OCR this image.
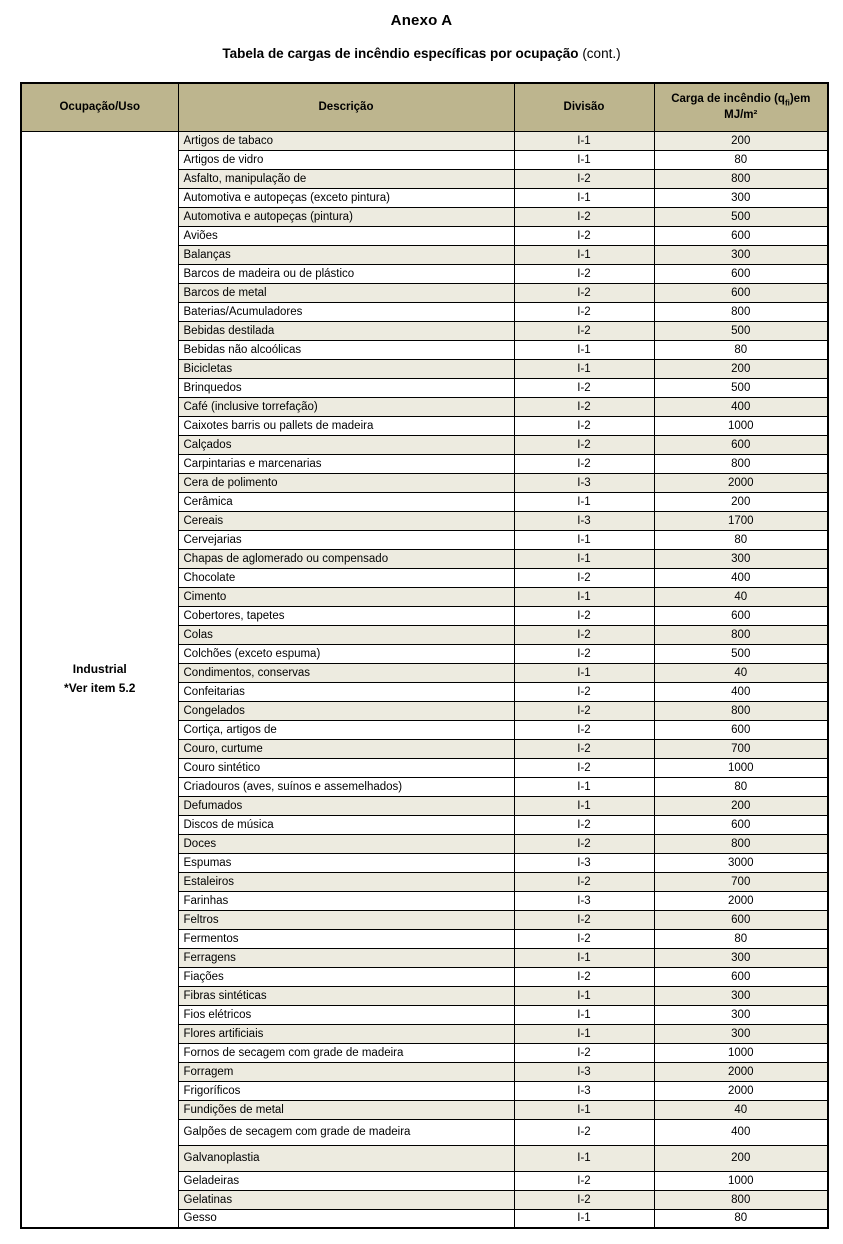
Anexo A
Tabela de cargas de incêndio específicas por ocupação (cont.)
Ocupação/Uso	Descrição	Divisão	Carga de incêndio $(q_{fi})em$
MJ/m²

Industrial
*Ver item 5.2	Artigos de tabaco	I-1	200
	Artigos de vidro	I-1	80
	Asfalto, manipulação de	I-2	800
	Automotiva e autopeças (exceto pintura)	I-1	300
	Automotiva e autopeças (pintura)	I-2	500
	Aviões	I-2	600
	Balanças	I-1	300
	Barcos de madeira ou de plástico	I-2	600
	Barcos de metal	I-2	600
	Baterias/Acumuladores	I-2	800
	Bebidas destilada	I-2	500
	Bebidas não alcoólicas	I-1	80
	Bicicletas	I-1	200
	Brinquedos	I-2	500
	Café (inclusive torrefação)	I-2	400
	Caixotes barris ou pallets de madeira	I-2	1000
	Calçados	I-2	600
	Carpintarias e marcenarias	I-2	800
	Cera de polimento	I-3	2000
	Cerâmica	I-1	200
	Cereais	I-3	1700
	Cervejarias	I-1	80
	Chapas de aglomerado ou compensado	I-1	300
	Chocolate	I-2	400
	Cimento	I-1	40
	Cobertores, tapetes	I-2	600
	Colas	I-2	800
	Colchões (exceto espuma)	I-2	500
	Condimentos, conservas	I-1	40
	Confeitarias	I-2	400
	Congelados	I-2	800
	Cortiça, artigos de	I-2	600
	Couro, curtume	I-2	700
	Couro sintético	I-2	1000
	Criadouros (aves, suínos e assemelhados)	I-1	80
	Defumados	I-1	200
	Discos de música	I-2	600
	Doces	I-2	800
	Espumas	I-3	3000
	Estaleiros	I-2	700
	Farinhas	I-3	2000
	Feltros	I-2	600
	Fermentos	I-2	80
	Ferragens	I-1	300
	Fiações	I-2	600
	Fibras sintéticas	I-1	300
	Fios elétricos	I-1	300
	Flores artificiais	I-1	300
	Fornos de secagem com grade de madeira	I-2	1000
	Forragem	I-3	2000
	Frigoríficos	I-3	2000
	Fundições de metal	I-1	40
	Galpões de secagem com grade de madeira	I-2	400
	Galvanoplastia	I-1	200
	Geladeiras	I-2	1000
	Gelatinas	I-2	800
	Gesso	I-1	80
